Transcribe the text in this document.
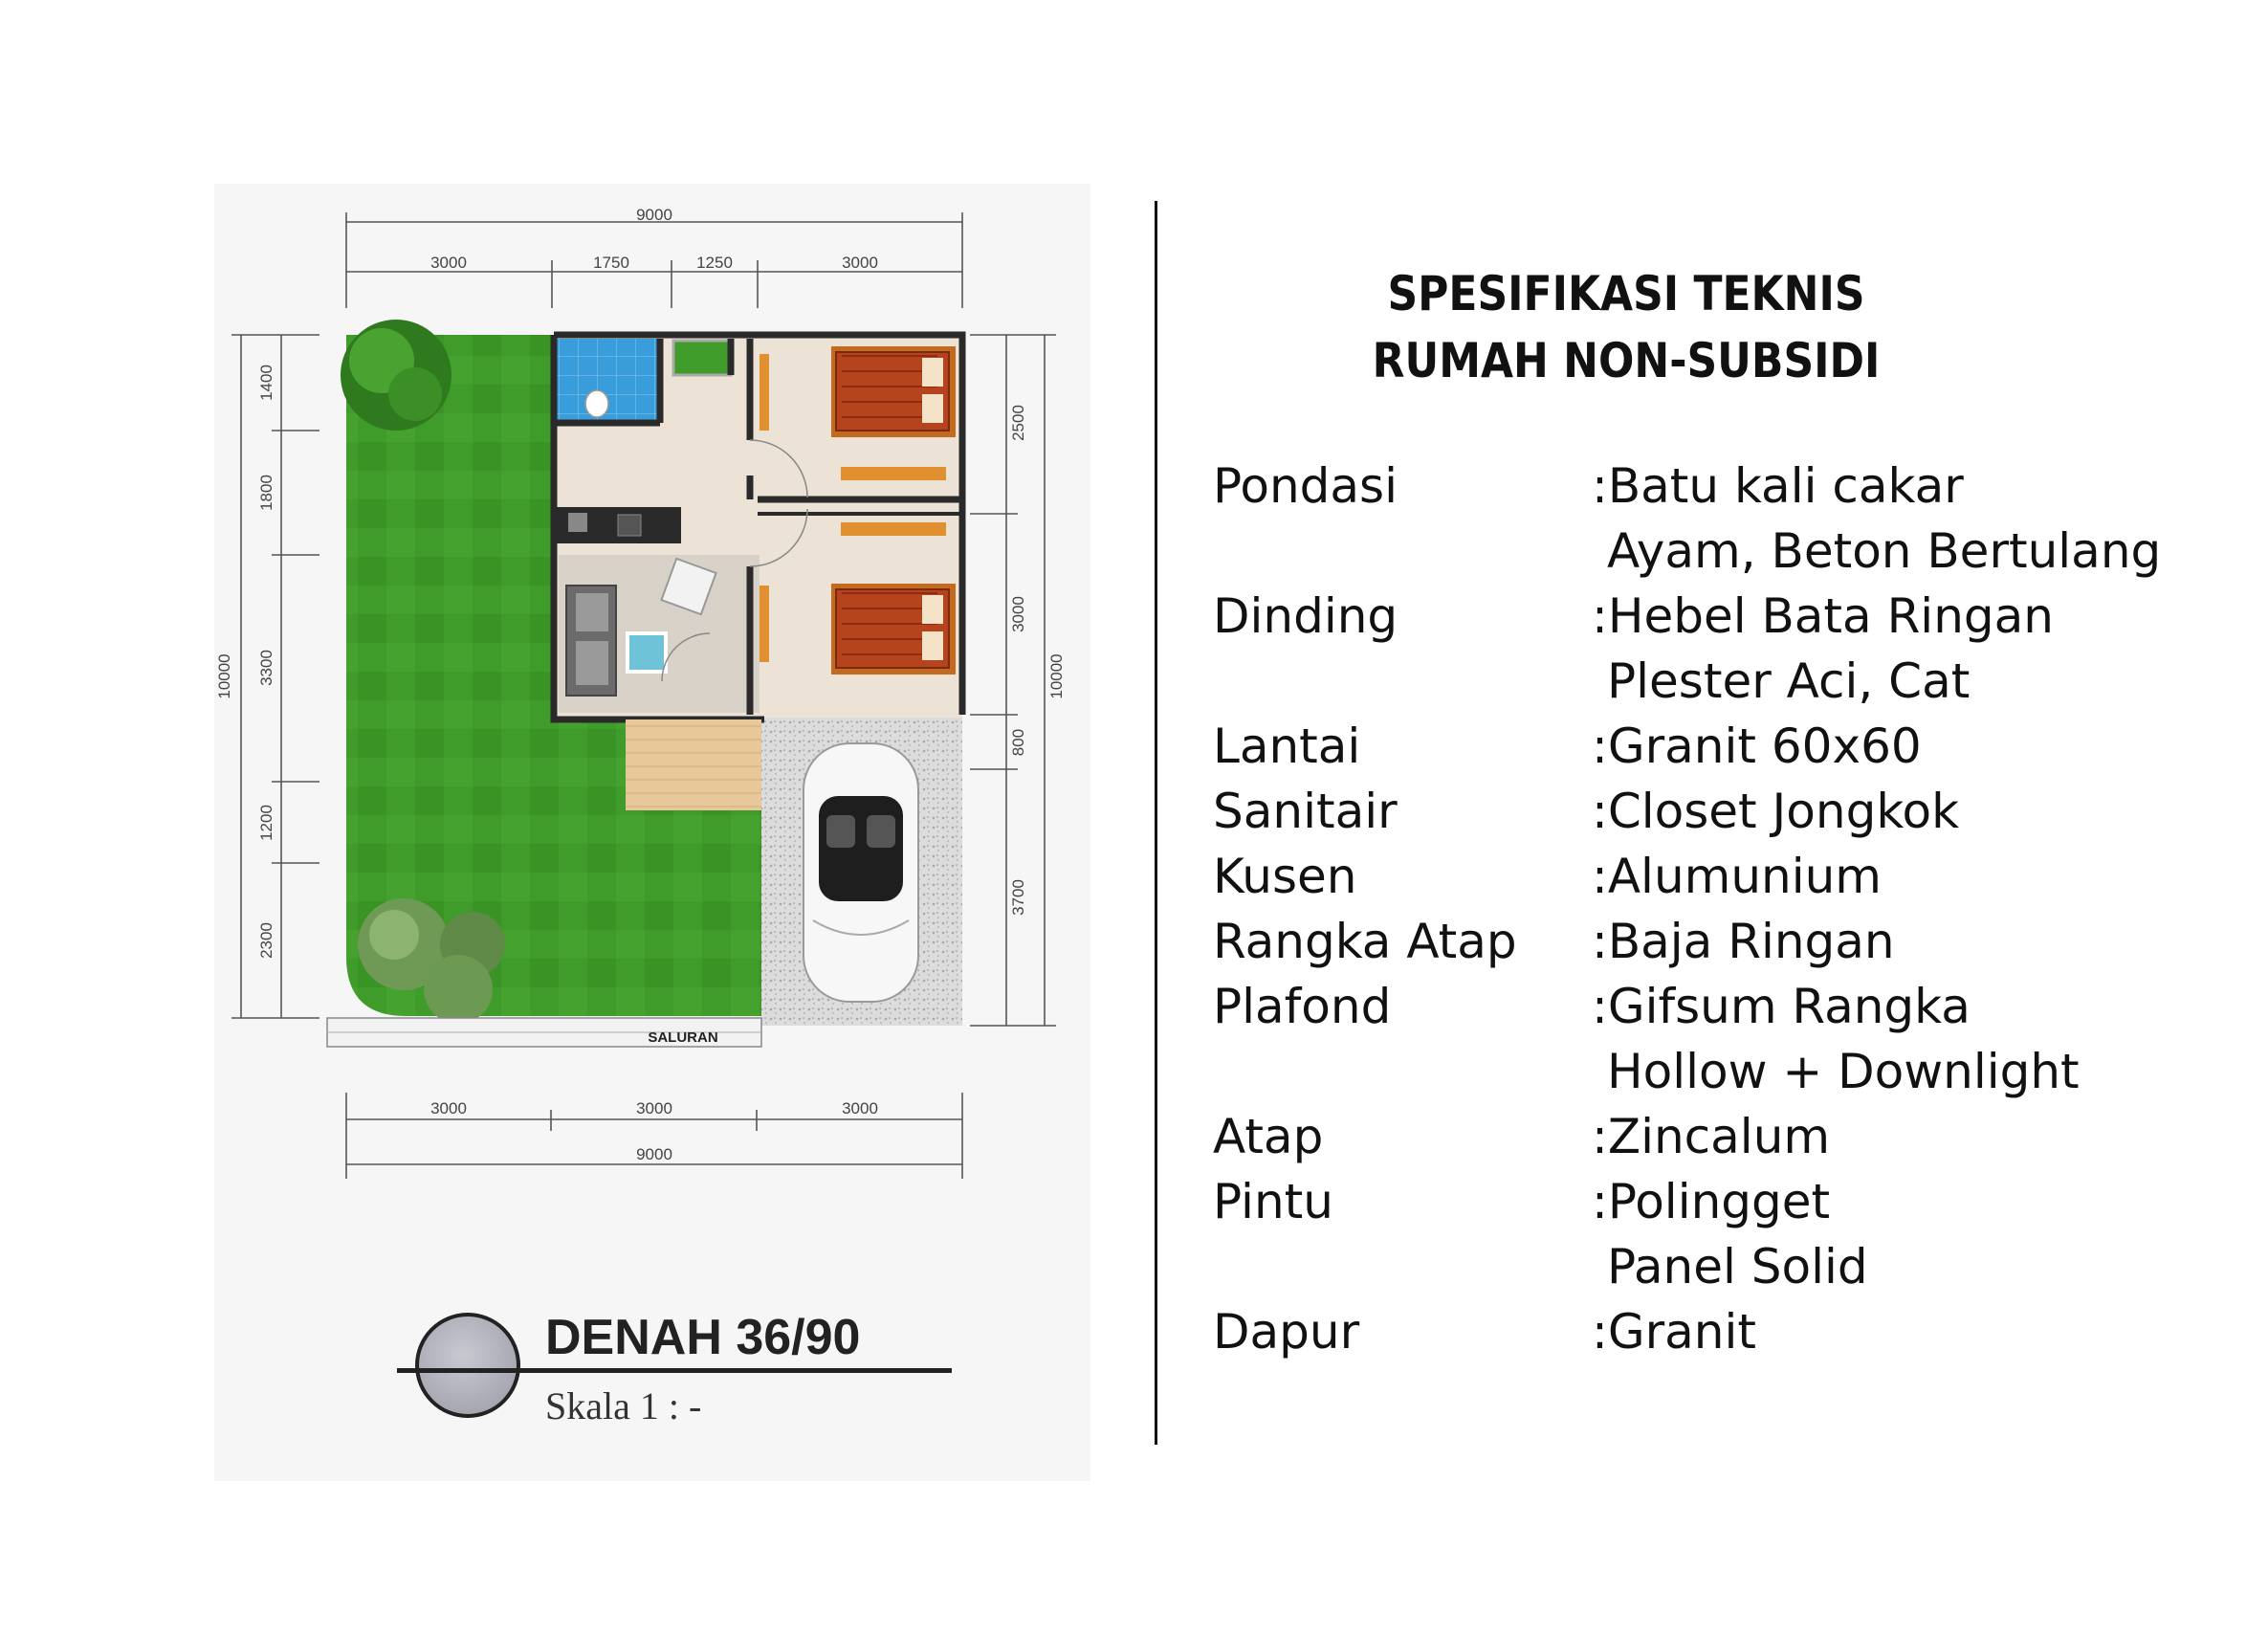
9000
3000	1750	1250	3000
10000
1400
1800
3300
1200
2300
2500
3000
800
3700
10000
SALURAN
3000	3000	3000
9000
DENAH 36/90
Skala 1 : -
SPESIFIKASI TEKNIS
RUMAH NON-SUBSIDI
Pondasi	:Batu kali cakar
Ayam, Beton Bertulang
Dinding	:Hebel Bata Ringan
Plester Aci, Cat
Lantai	:Granit 60x60
Sanitair	:Closet Jongkok
Kusen	:Alumunium
Rangka Atap :Baja Ringan
Plafond	:Gifsum Rangka
Hollow + Downlight
Atap	:Zincalum
Pintu	:Polingget
Panel Solid
Dapur	:Granit
